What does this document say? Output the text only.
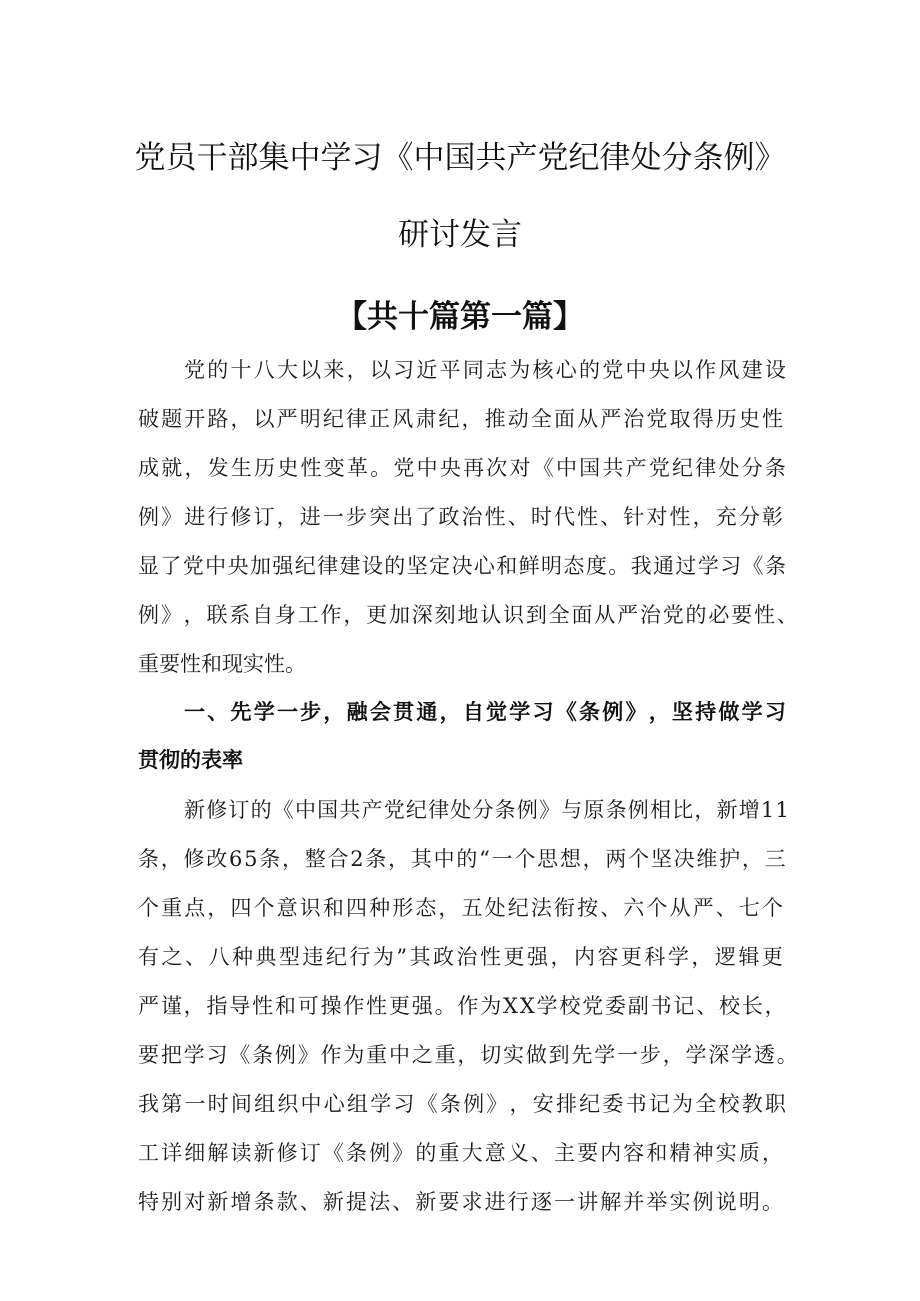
党员干部集中学习《中国共产党纪律处分条例》
研讨发言
【共十篇第一篇】
党 的 十 八 大 以 来 ， 以 习 近 平 同 志 为 核 心 的 党 中 央 以 作 风 建 设
破 题 开 路 ， 以 严 明 纪 律 正 风 肃 纪 ， 推 动 全 面 从 严 治 党 取 得 历 史 性
成 就 ， 发 生 历 史 性 变 革 。 党 中 央 再 次 对 《 中 国 共 产 党 纪 律 处 分 条
例 》 进 行 修 订 ， 进 一 步 突 出 了 政 治 性 、 时 代 性 、 针 对 性 ， 充 分 彰
显 了 党 中 央 加 强 纪 律 建 设 的 坚 定 决 心 和 鲜 明 态 度 。 我 通 过 学 习 《 条
例 》 ， 联 系 自 身 工 作 ， 更 加 深 刻 地 认 识 到 全 面 从 严 治 党 的 必 要 性 、
重要性和现实性。
一 、 先 学 一 步 ， 融 会 贯 通 ， 自 觉 学 习 《 条 例 》 ， 坚 持 做 学 习
贯彻的表率
新 修 订 的 《 中 国 共 产 党 纪 律 处 分 条 例 》 与 原 条 例 相 比 ， 新 增 1 1
条 ， 修 改 6 5 条 ， 整 合 2 条 ， 其 中 的 “ 一 个 思 想 ， 两 个 坚 决 维 护 ， 三
个 重 点 ， 四 个 意 识 和 四 种 形 态 ， 五 处 纪 法 衔 按 、 六 个 从 严 、 七 个
有 之 、 八 种 典 型 违 纪 行 为 ” 其 政 治 性 更 强 ， 内 容 更 科 学 ， 逻 辑 更
严 谨 ， 指 导 性 和 可 操 作 性 更 强 。 作 为 X X 学 校 党 委 副 书 记 、 校 长 ，
要 把 学 习 《 条 例 》 作 为 重 中 之 重 ， 切 实 做 到 先 学 一 步 ， 学 深 学 透 。
我 第 一 时 间 组 织 中 心 组 学 习 《 条 例 》 ， 安 排 纪 委 书 记 为 全 校 教 职
工 详 细 解 读 新 修 订 《 条 例 》 的 重 大 意 义 、 主 要 内 容 和 精 神 实 质 ，
特 别 对 新 增 条 款 、 新 提 法 、 新 要 求 进 行 逐 一 讲 解 并 举 实 例 说 明 。
